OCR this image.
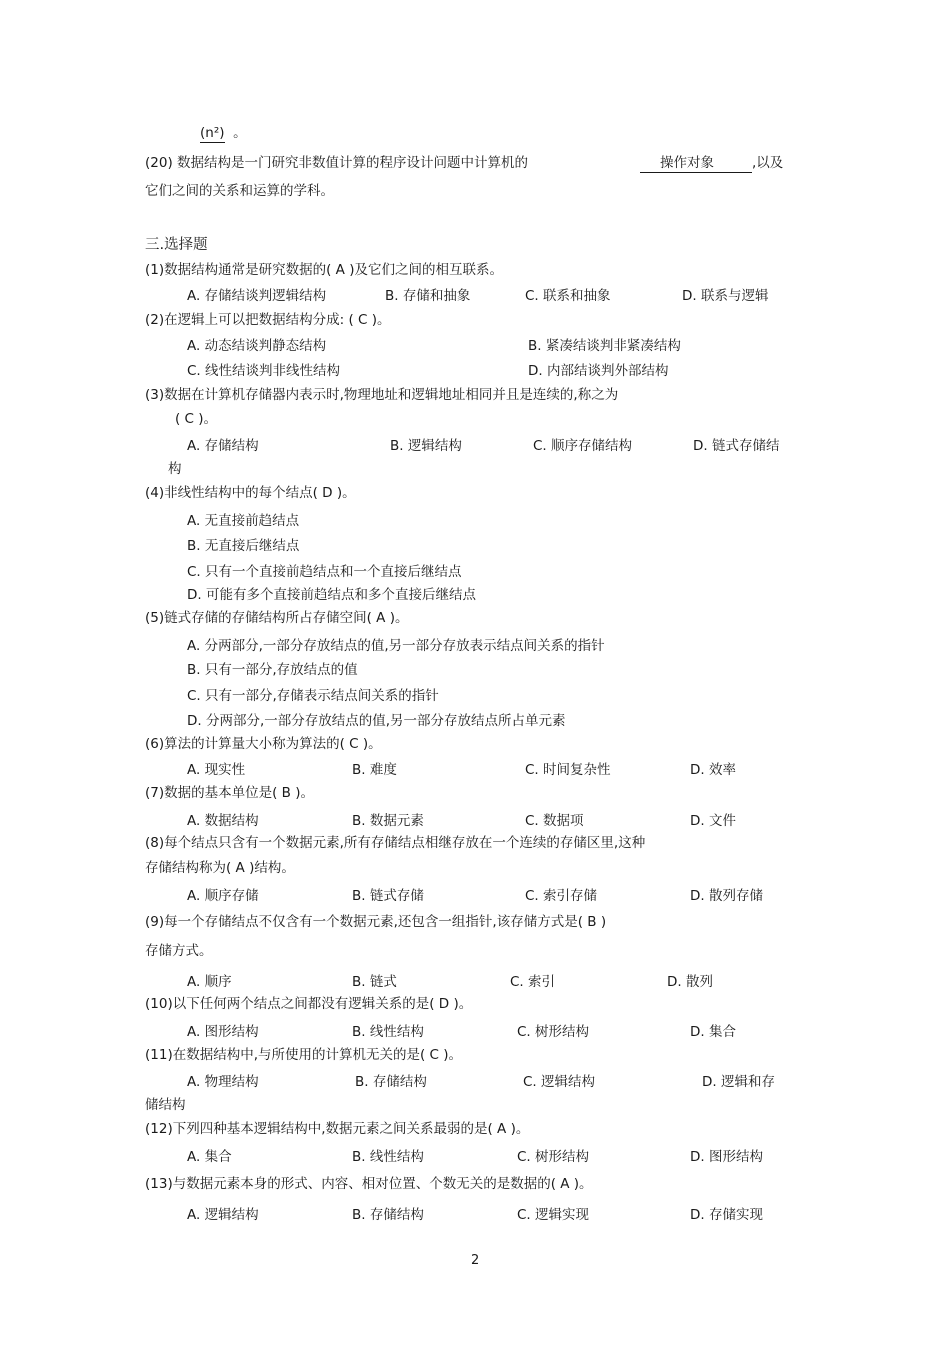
(n²) 。
(20) 数据结构是一门研究非数值计算的程序设计问题中计算机的	操作对象	,以及
它们之间的关系和运算的学科。
三.选择题
(1)数据结构通常是研究数据的( A )及它们之间的相互联系。
A. 存储结谈判逻辑结构	B. 存储和抽象	C. 联系和抽象	D. 联系与逻辑
(2)在逻辑上可以把数据结构分成: ( C )。
A. 动态结谈判静态结构	B. 紧凑结谈判非紧凑结构
C. 线性结谈判非线性结构	D. 内部结谈判外部结构
(3)数据在计算机存储器内表示时,物理地址和逻辑地址相同并且是连续的,称之为
( C )。
A. 存储结构	B. 逻辑结构	C. 顺序存储结构	D. 链式存储结
构
(4)非线性结构中的每个结点( D )。
A. 无直接前趋结点
B. 无直接后继结点
C. 只有一个直接前趋结点和一个直接后继结点
D. 可能有多个直接前趋结点和多个直接后继结点
(5)链式存储的存储结构所占存储空间( A )。
A. 分两部分,一部分存放结点的值,另一部分存放表示结点间关系的指针
B. 只有一部分,存放结点的值
C. 只有一部分,存储表示结点间关系的指针
D. 分两部分,一部分存放结点的值,另一部分存放结点所占单元素
(6)算法的计算量大小称为算法的( C )。
A. 现实性	B. 难度	C. 时间复杂性	D. 效率
(7)数据的基本单位是( B )。
A. 数据结构	B. 数据元素	C. 数据项	D. 文件
(8)每个结点只含有一个数据元素,所有存储结点相继存放在一个连续的存储区里,这种
存储结构称为( A )结构。
A. 顺序存储	B. 链式存储	C. 索引存储	D. 散列存储
(9)每一个存储结点不仅含有一个数据元素,还包含一组指针,该存储方式是( B )
存储方式。
A. 顺序	B. 链式	C. 索引	D. 散列
(10)以下任何两个结点之间都没有逻辑关系的是( D )。
A. 图形结构	B. 线性结构	C. 树形结构	D. 集合
(11)在数据结构中,与所使用的计算机无关的是( C )。
A. 物理结构	B. 存储结构	C. 逻辑结构	D. 逻辑和存
储结构
(12)下列四种基本逻辑结构中,数据元素之间关系最弱的是( A )。
A. 集合	B. 线性结构	C. 树形结构	D. 图形结构
(13)与数据元素本身的形式、内容、相对位置、个数无关的是数据的( A )。
A. 逻辑结构	B. 存储结构	C. 逻辑实现	D. 存储实现
2
